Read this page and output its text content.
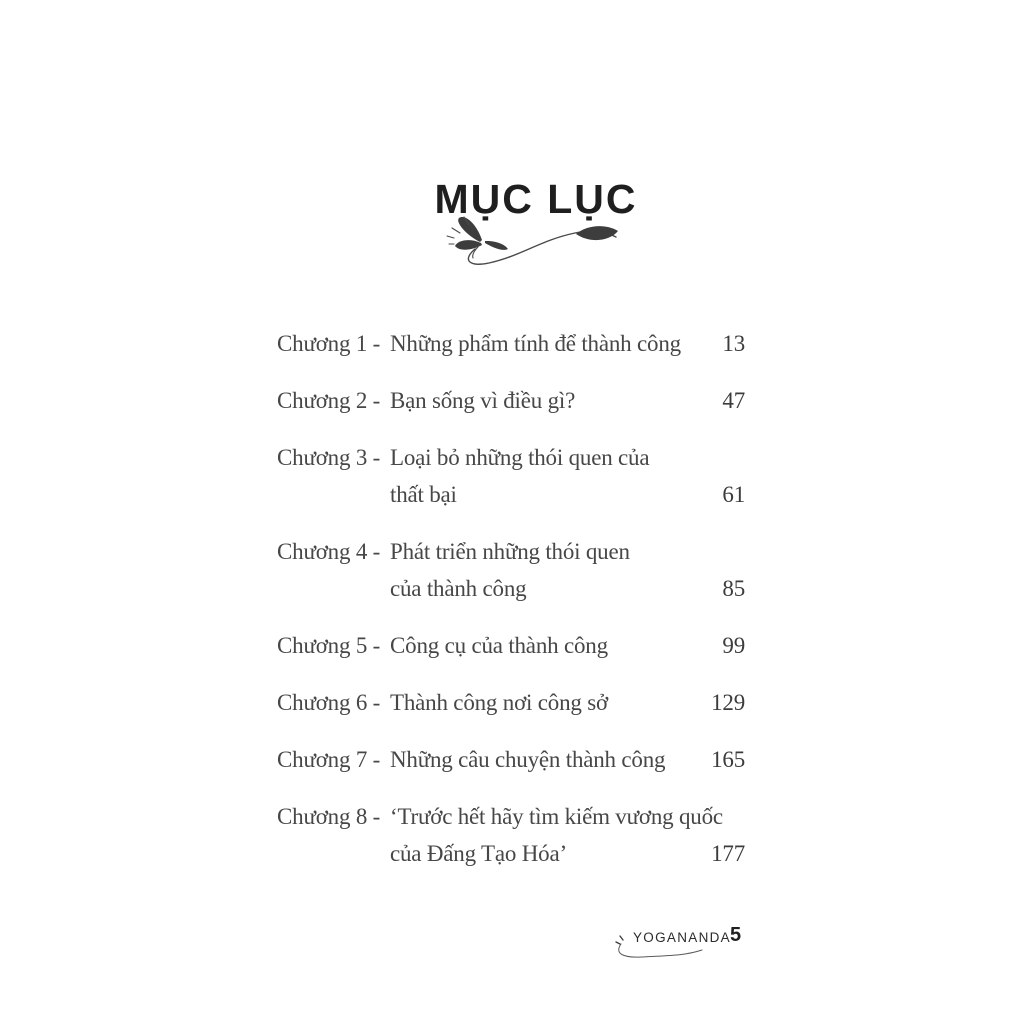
MỤC LỤC
Chương 1 - Những phẩm tính để thành công	13
Chương 2 - Bạn sống vì điều gì?	47
Chương 3 - Loại bỏ những thói quen của
thất bại	61
Chương 4 - Phát triển những thói quen
của thành công	85
Chương 5 - Công cụ của thành công	99
Chương 6 - Thành công nơi công sở	129
Chương 7 - Những câu chuyện thành công	165
Chương 8 - ‘Trước hết hãy tìm kiếm vương quốc
của Đấng Tạo Hóa’	177
YOGANANDA 5
